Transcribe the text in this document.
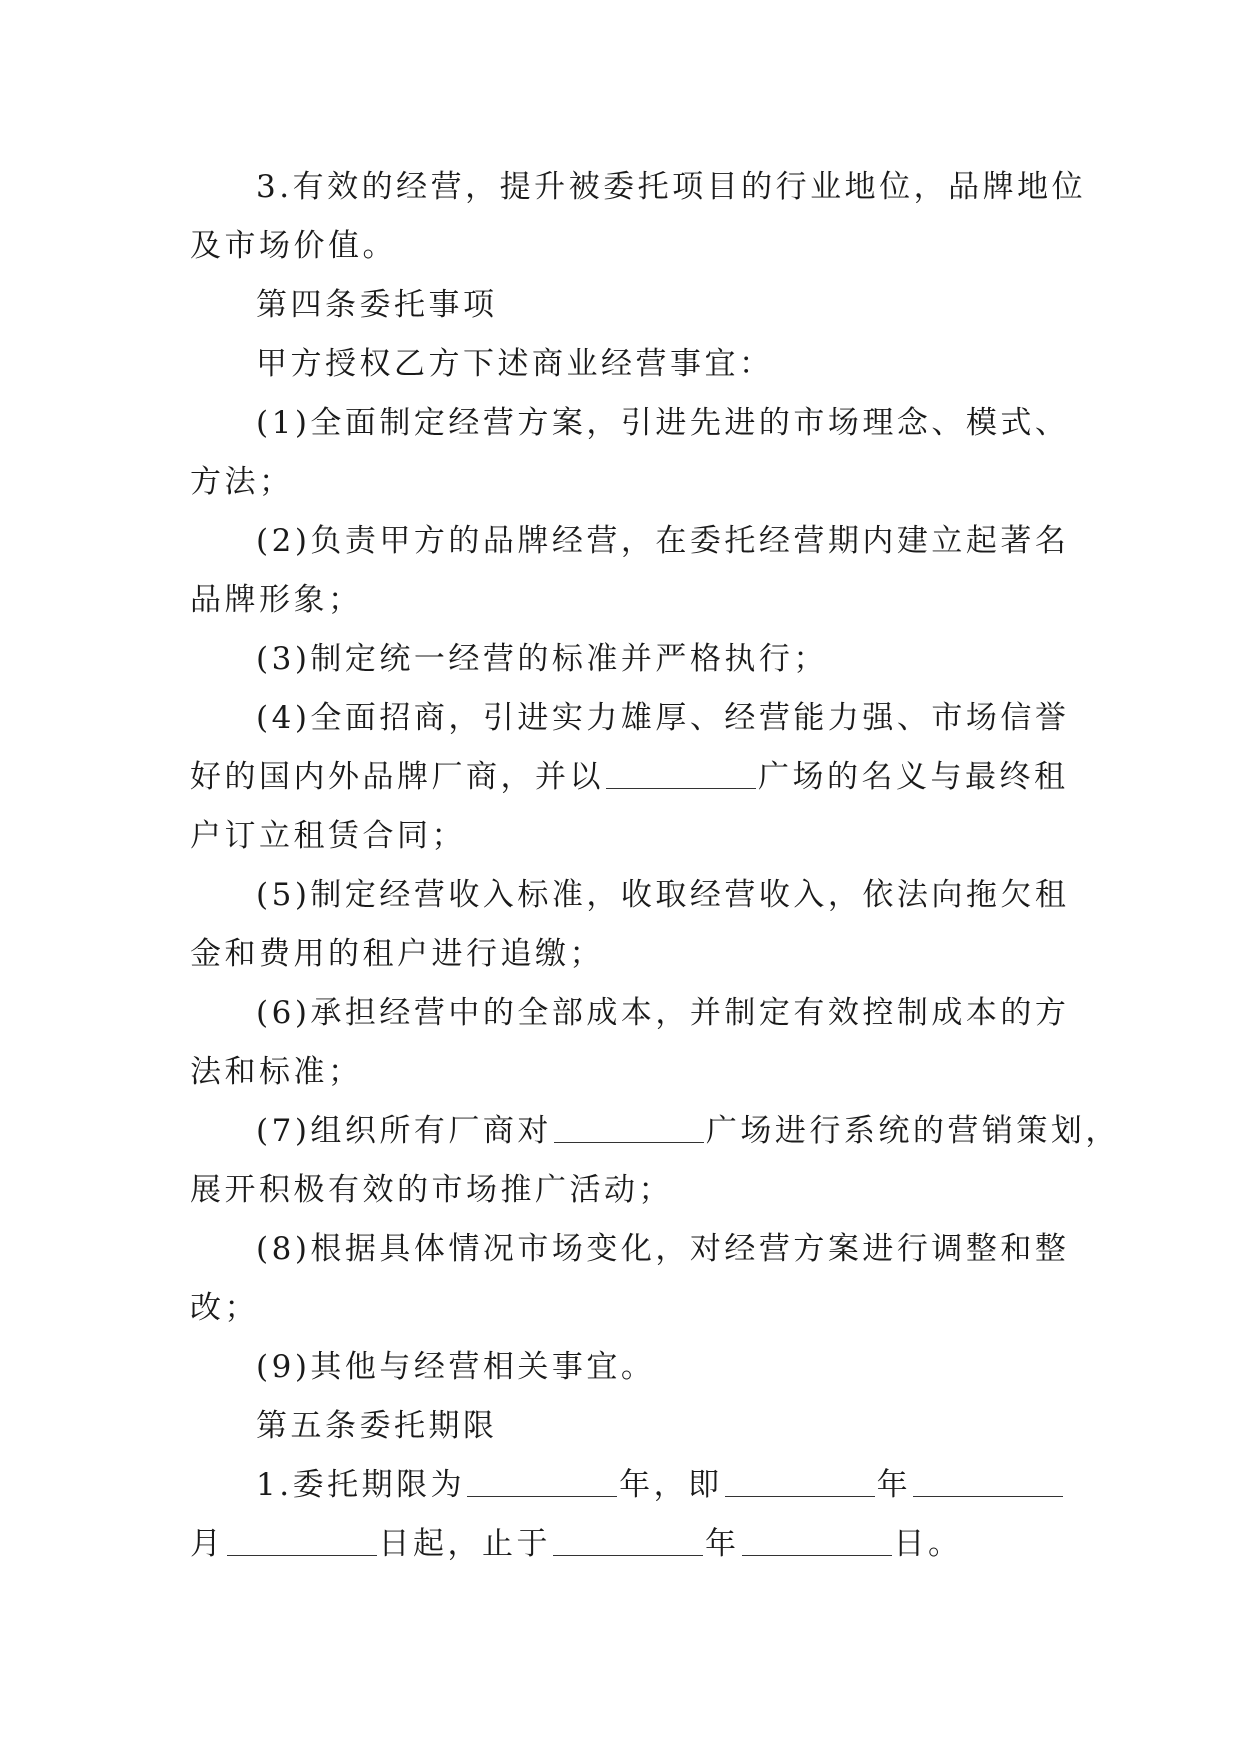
3.有效的经营，提升被委托项目的行业地位，品牌地位
及市场价值。
第四条委托事项
甲方授权乙方下述商业经营事宜：
(1)全面制定经营方案，引进先进的市场理念、模式、
方法；
(2)负责甲方的品牌经营，在委托经营期内建立起著名
品牌形象；
(3)制定统一经营的标准并严格执行；
(4)全面招商，引进实力雄厚、经营能力强、市场信誉
好的国内外品牌厂商，并以	广场的名义与最终租
户订立租赁合同；
(5)制定经营收入标准，收取经营收入，依法向拖欠租
金和费用的租户进行追缴；
(6)承担经营中的全部成本，并制定有效控制成本的方
法和标准；
(7)组织所有厂商对	广场进行系统的营销策划，
展开积极有效的市场推广活动；
(8)根据具体情况市场变化，对经营方案进行调整和整
改；
(9)其他与经营相关事宜。
第五条委托期限
1.委托期限为	年，即	年
月	日起，止于	年	日。
